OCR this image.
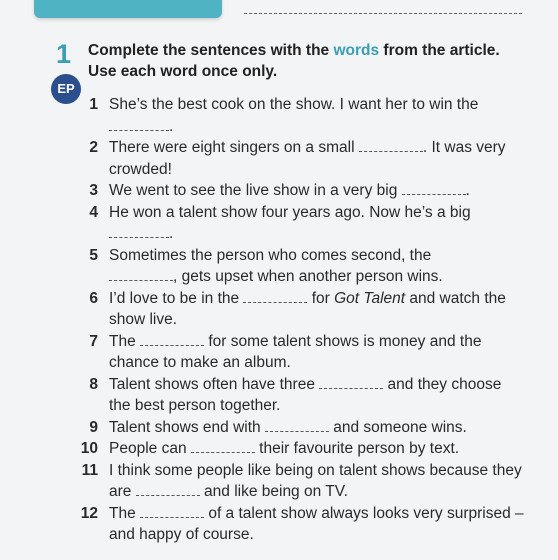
1
EP
Complete the sentences with the words from the article. Use each word once only.
1 She’s the best cook on the show. I want her to win the
.
2 There were eight singers on a small	. It was very crowded!
3 We went to see the live show in a very big	.
4 He won a talent show four years ago. Now he’s a big
.
5 Sometimes the person who comes second, the
, gets upset when another person wins.
6 I’d love to be in the	for Got Talent and watch the show live.
7 The	for some talent shows is money and the chance to make an album.
8 Talent shows often have three	and they choose the best person together.
9 Talent shows end with	and someone wins.
10 People can	their favourite person by text.
11 I think some people like being on talent shows because they are	and like being on TV.
12 The	of a talent show always looks very surprised – and happy of course.
